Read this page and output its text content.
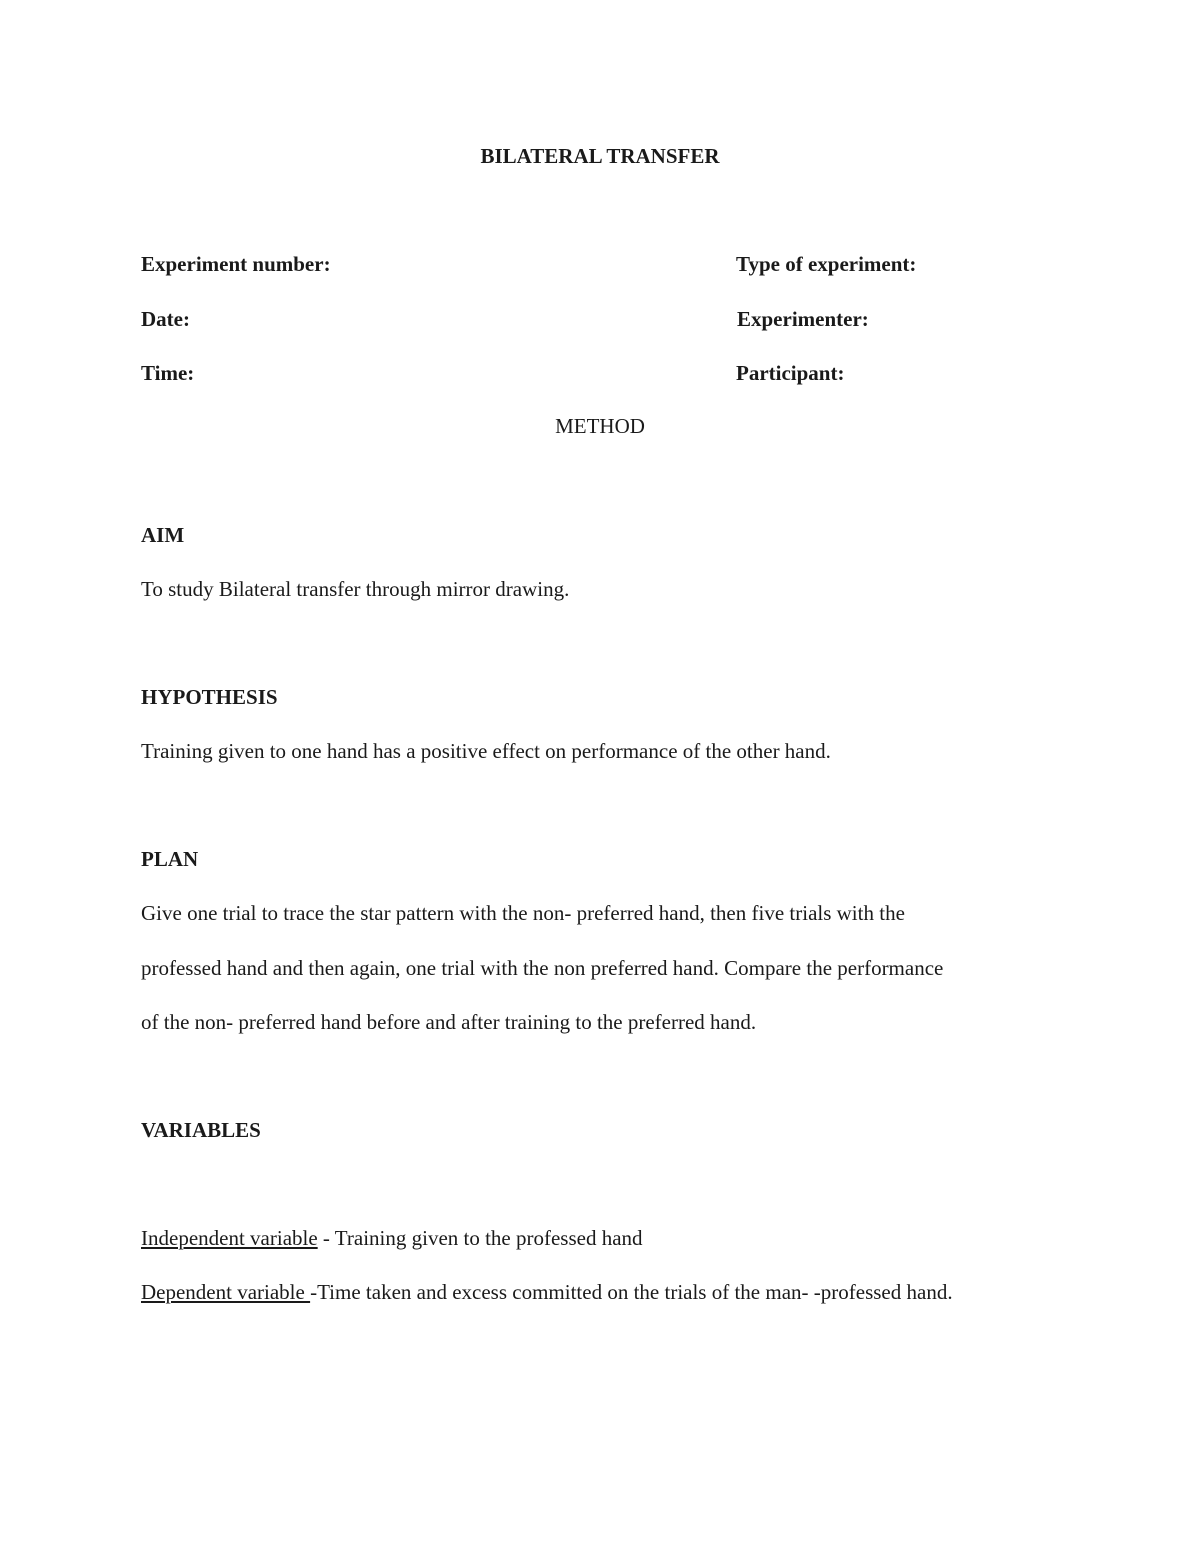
BILATERAL TRANSFER
Experiment number:	Type of experiment:
Date:	Experimenter:
Time:	Participant:
METHOD
AIM
To study Bilateral transfer through mirror drawing.
HYPOTHESIS
Training given to one hand has a positive effect on performance of the other hand.
PLAN
Give one trial to trace the star pattern with the non- preferred hand, then five trials with the
professed hand and then again, one trial with the non preferred hand. Compare the performance
of the non- preferred hand before and after training to the preferred hand.
VARIABLES
Independent variable - Training given to the professed hand
Dependent variable -Time taken and excess committed on the trials of the man- -professed hand.
